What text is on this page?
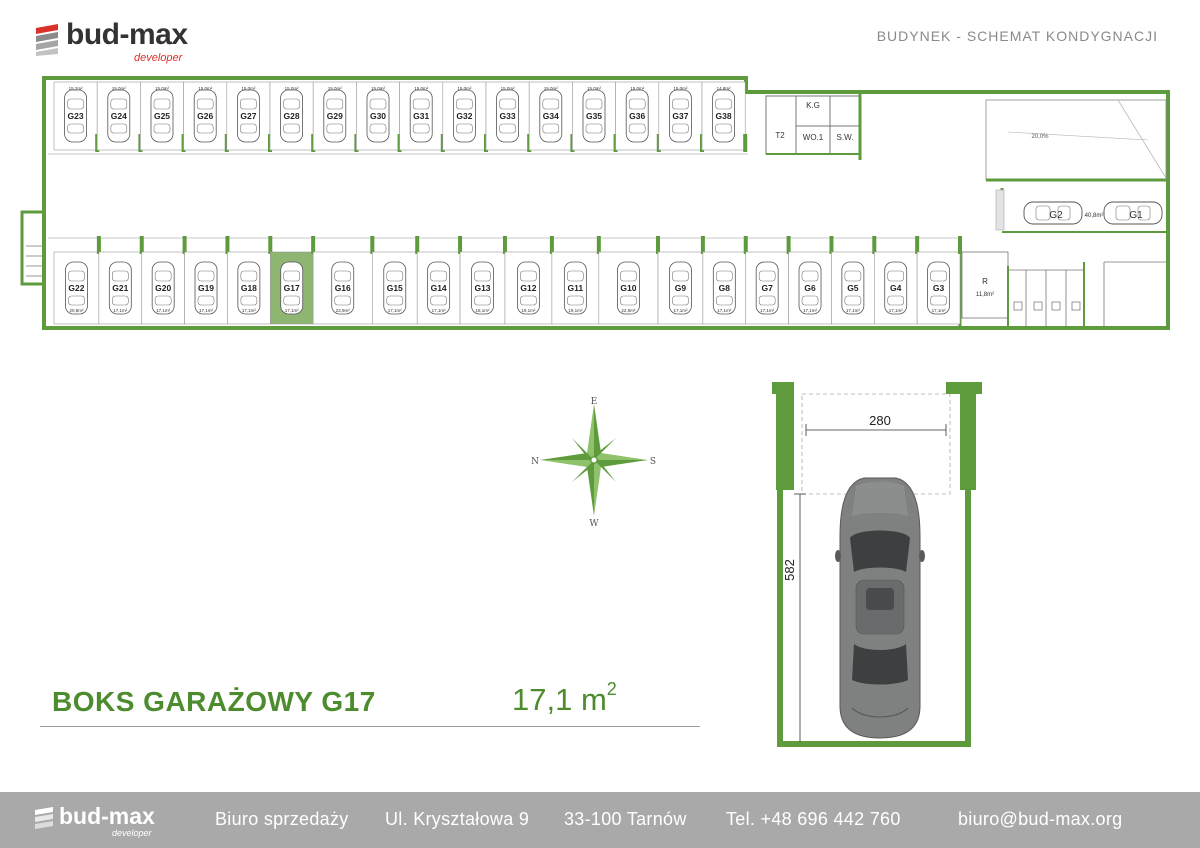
bud-max
developer
BUDYNEK - SCHEMAT KONDYGNACJI
K.G
T2 WO.1 S.W.
R
11,8m²
20,0%
G2	40,8m²	G1
G23
15,2m²
G24
15,0m²
G25
15,0m²
G26
15,0m²
G27
15,0m²
G28
15,0m²
G29
15,0m²
G30
15,0m²
G31
15,0m²
G32
15,0m²
G33
15,0m²
G34
15,0m²
G35
15,0m²
G36
15,0m²
G37
15,0m²
G38
14,8m²
G22
20,8m²
G21
17,1m²
G20
17,1m²
G19
17,1m²
G18
17,1m²
G17
17,1m²
G16
22,9m²
G15
17,1m²
G14
17,1m²
G13
18,1m²
G12
19,1m²
G11
19,1m²
G10
22,9m²
G9
17,1m²
G8
17,1m²
G7
17,1m²
G6
17,1m²
G5
17,1m²
G4
17,1m²
G3
17,1m²
E
W
N	S
280
582
BOKS GARAŻOWY G17	17,1 $m^2$
bud-max
developer
Biuro sprzedaży Ul. Kryształowa 9 33-100 Tarnów Tel. +48 696 442 760	biuro@bud-max.org
